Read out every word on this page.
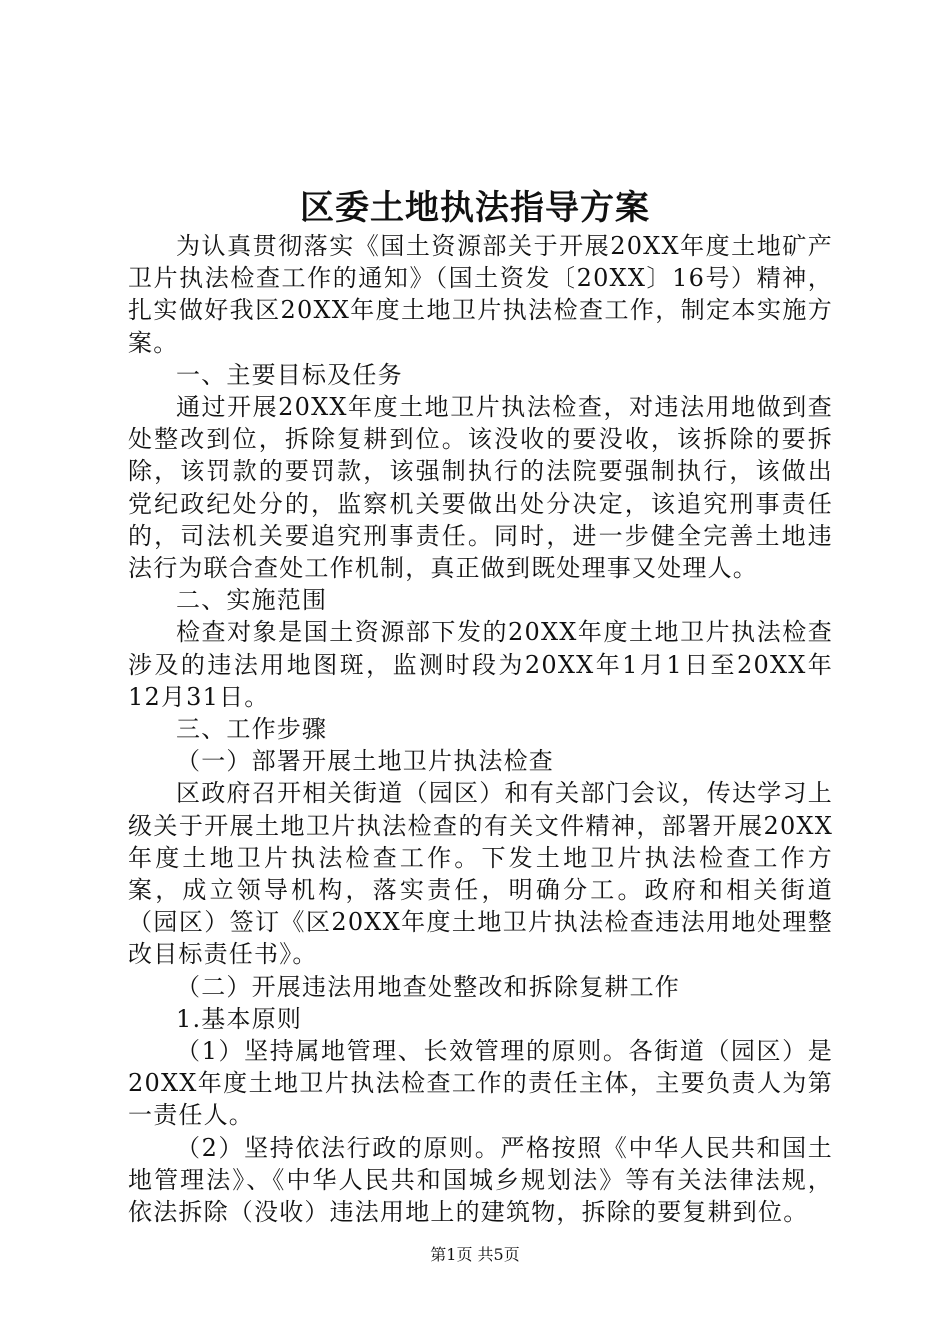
区委土地执法指导方案

为认真贯彻落实《国土资源部关于开展20XX年度土地矿产卫片执法检查工作的通知》（国土资发〔20XX〕16号）精神，扎实做好我区20XX年度土地卫片执法检查工作，制定本实施方案。

一、主要目标及任务

通过开展20XX年度土地卫片执法检查，对违法用地做到查处整改到位，拆除复耕到位。该没收的要没收，该拆除的要拆除，该罚款的要罚款，该强制执行的法院要强制执行，该做出党纪政纪处分的，监察机关要做出处分决定，该追究刑事责任的，司法机关要追究刑事责任。同时，进一步健全完善土地违法行为联合查处工作机制，真正做到既处理事又处理人。

二、实施范围

检查对象是国土资源部下发的20XX年度土地卫片执法检查涉及的违法用地图斑，监测时段为20XX年1月1日至20XX年12月31日。

三、工作步骤

（一）部署开展土地卫片执法检查

区政府召开相关街道（园区）和有关部门会议，传达学习上级关于开展土地卫片执法检查的有关文件精神，部署开展20XX年度土地卫片执法检查工作。下发土地卫片执法检查工作方案，成立领导机构，落实责任，明确分工。政府和相关街道（园区）签订《区20XX年度土地卫片执法检查违法用地处理整改目标责任书》。

（二）开展违法用地查处整改和拆除复耕工作

1.基本原则

（1）坚持属地管理、长效管理的原则。各街道（园区）是20XX年度土地卫片执法检查工作的责任主体，主要负责人为第一责任人。

（2）坚持依法行政的原则。严格按照《中华人民共和国土地管理法》、《中华人民共和国城乡规划法》等有关法律法规，依法拆除（没收）违法用地上的建筑物，拆除的要复耕到位。

第1页 共5页
